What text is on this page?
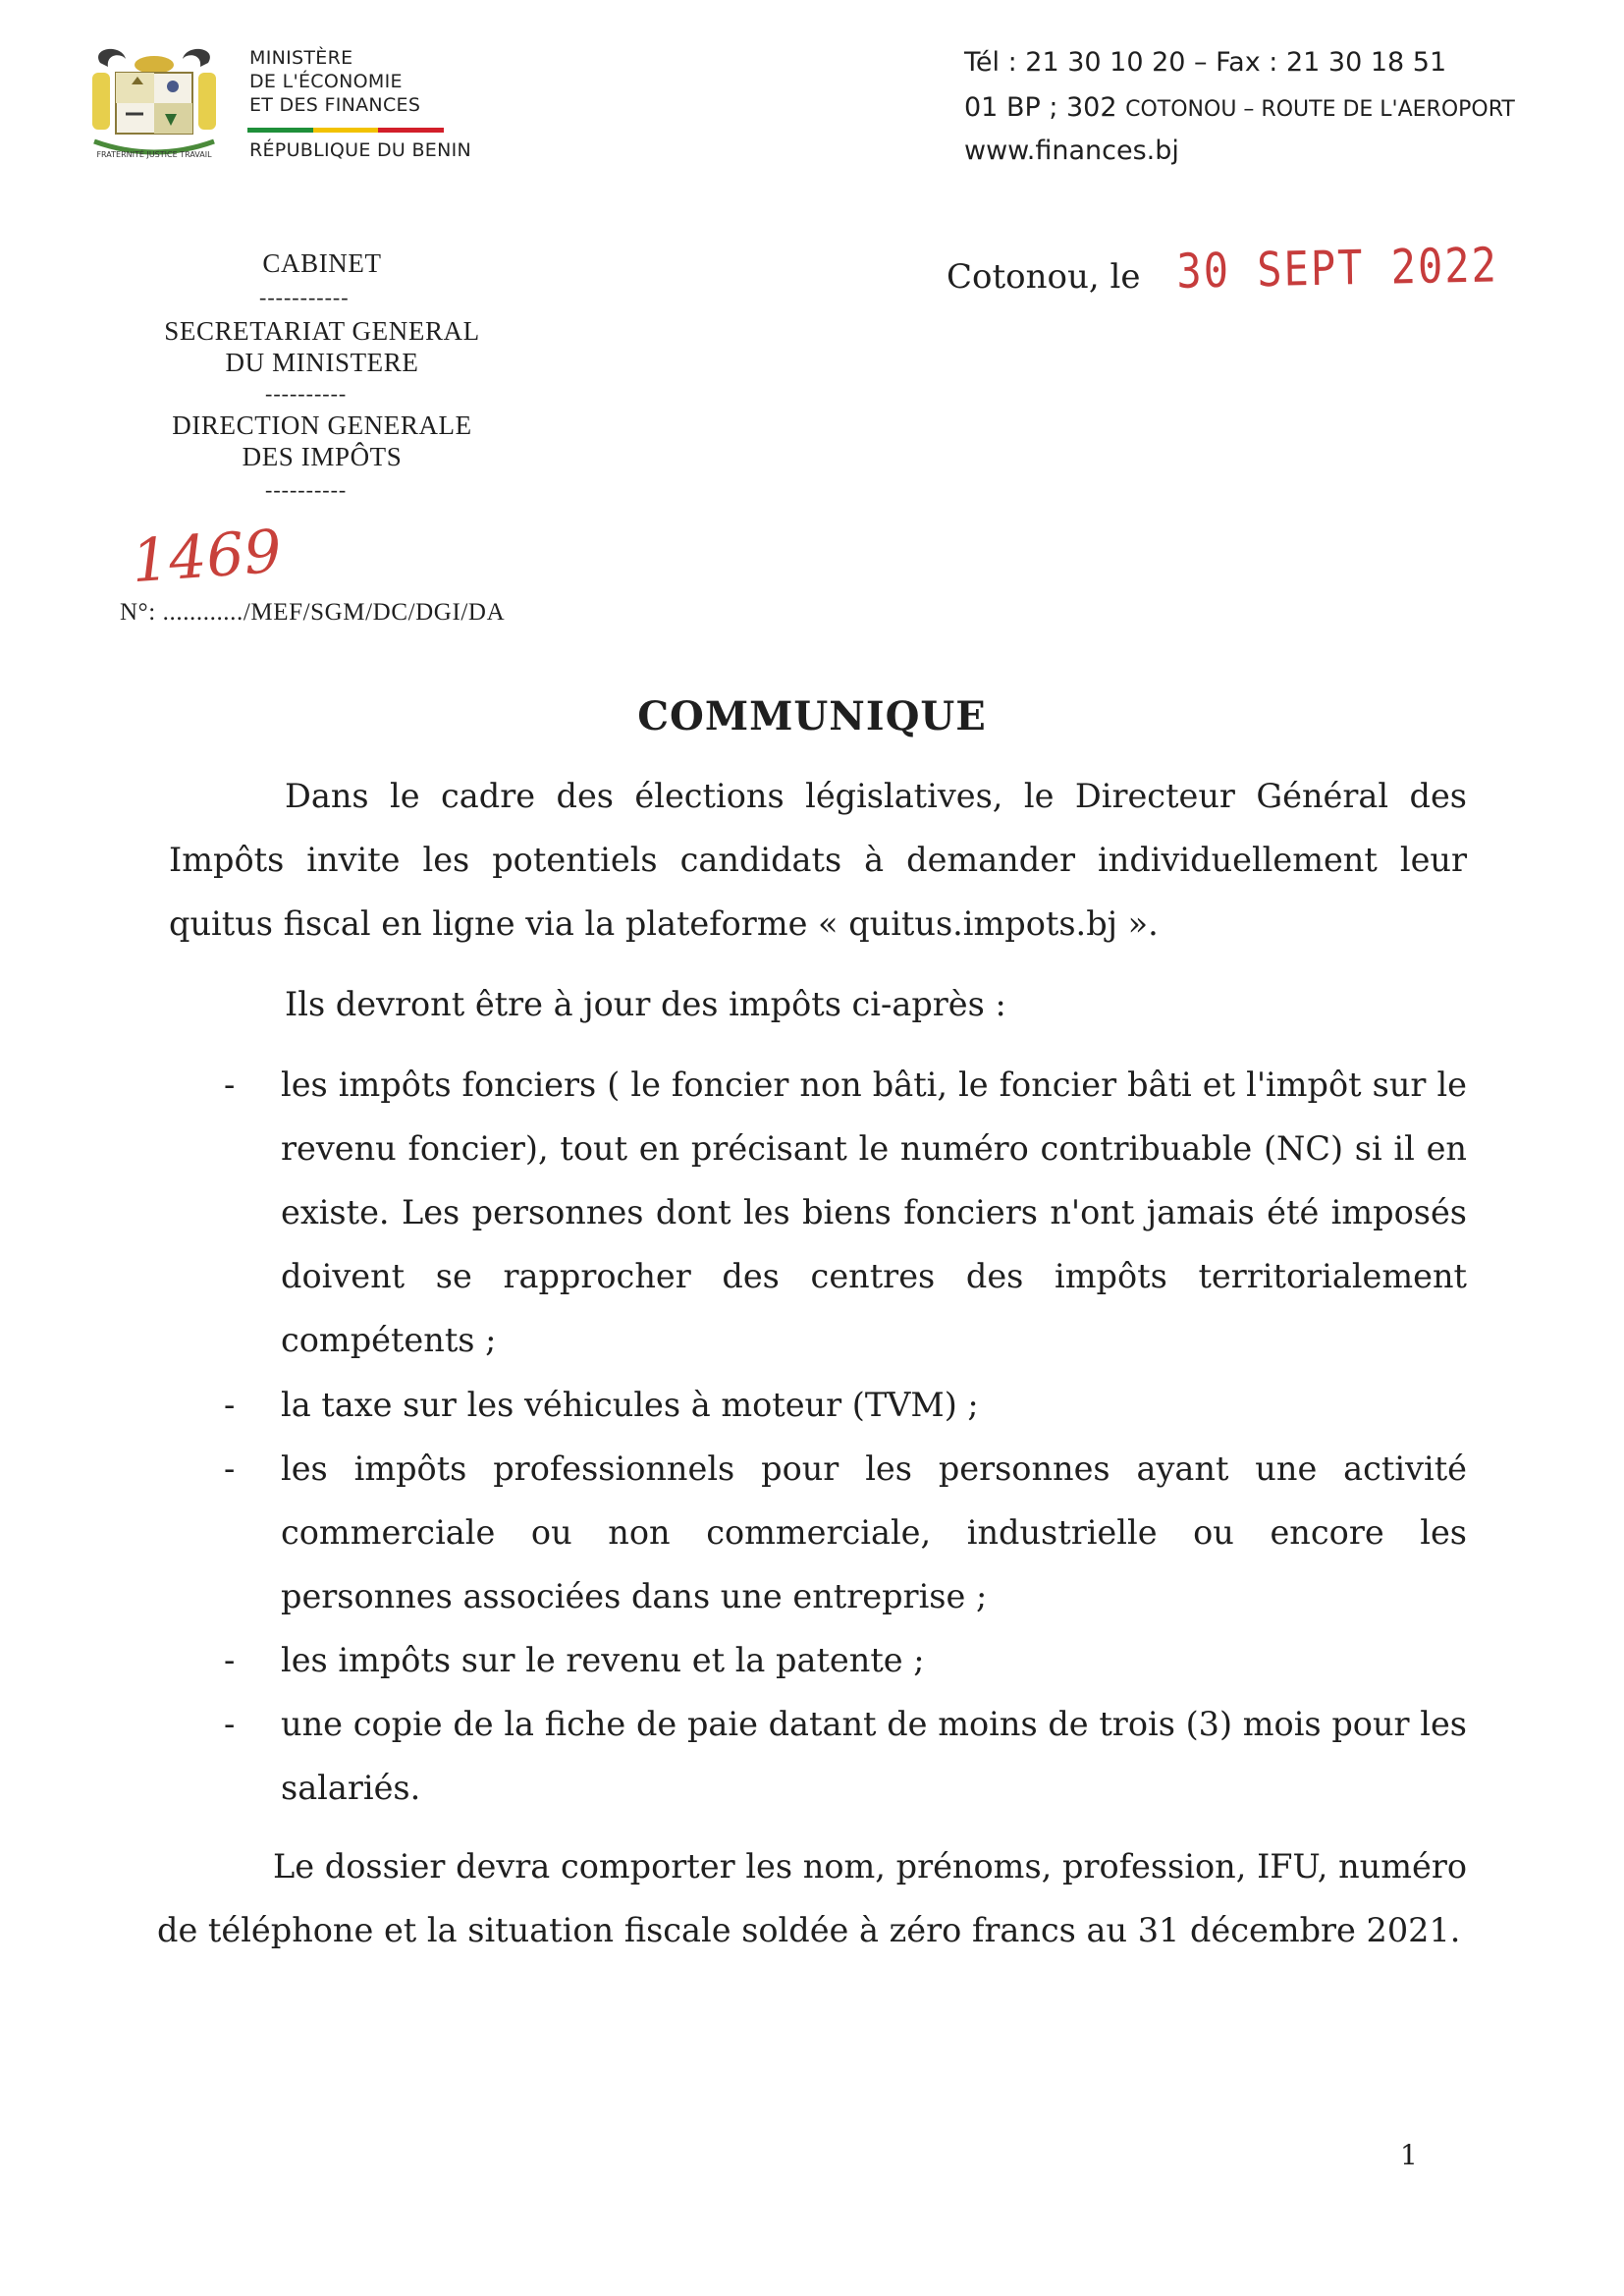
FRATERNITÉ JUSTICE TRAVAIL
MINISTÈRE
DE L'ÉCONOMIE
ET DES FINANCES
RÉPUBLIQUE DU BENIN
Tél : 21 30 10 20 – Fax : 21 30 18 51
01 BP ; 302 COTONOU – ROUTE DE L'AEROPORT
www.finances.bj
CABINET
-----------
SECRETARIAT GENERAL
DU MINISTERE
----------
DIRECTION GENERALE
DES IMPÔTS
----------
Cotonou, le 30 SEPT 2022
1469
N°: ............/MEF/SGM/DC/DGI/DA
COMMUNIQUE
Dans le cadre des élections législatives, le Directeur Général des Impôts invite les potentiels candidats à demander individuellement leur quitus fiscal en ligne via la plateforme « quitus.impots.bj ».
Ils devront être à jour des impôts ci-après :
- les impôts fonciers ( le foncier non bâti, le foncier bâti et l'impôt sur le revenu foncier), tout en précisant le numéro contribuable (NC) si il en existe. Les personnes dont les biens fonciers n'ont jamais été imposés doivent se rapprocher des centres des impôts territorialement compétents ;
- la taxe sur les véhicules à moteur (TVM) ;
- les impôts professionnels pour les personnes ayant une activité commerciale ou non commerciale, industrielle ou encore les personnes associées dans une entreprise ;
- les impôts sur le revenu et la patente ;
- une copie de la fiche de paie datant de moins de trois (3) mois pour les salariés.
Le dossier devra comporter les nom, prénoms, profession, IFU, numéro de téléphone et la situation fiscale soldée à zéro francs au 31 décembre 2021.
1
